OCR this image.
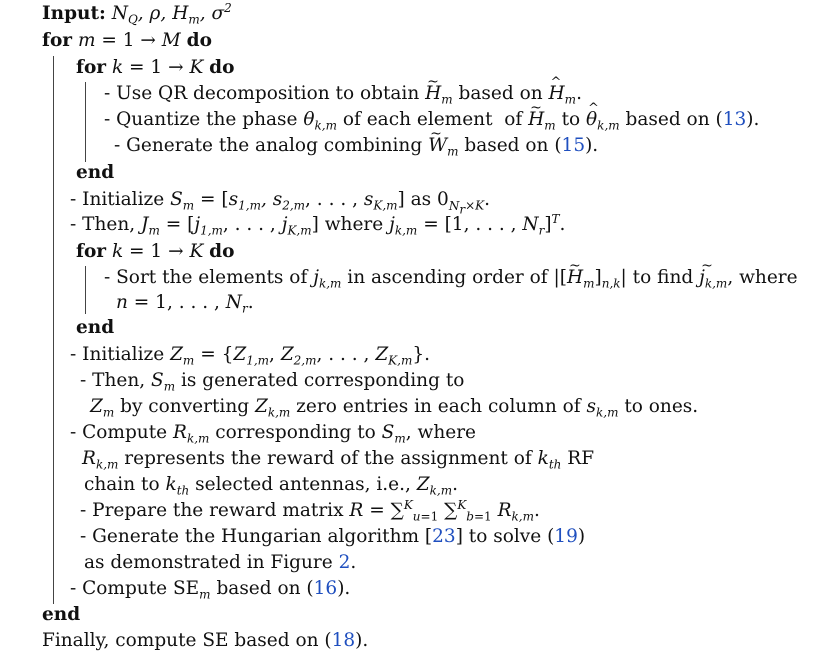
Input: $N_Q$, ρ, H $\^{}_m$, $\sigma^2$
for m = 1 → M do
for k = 1 → K do
- Use QR decomposition to obtain H $\sim_m$ based on H $\^{}_m$.
- Quantize the phase $\theta_{k,m}$ of each element  of H $\sim_m$ to θ $\^{}_{k,m}$ based on (13).
- Generate the analog combining W $\sim_m$ based on (15).
end
- Initialize $S_m = [s_{1,m}$, $s_{2,m}$, . . . , $s_{K,m}$] as $0_{N_r\times K}$.
- Then, $J_m = [j_{1,m}$, . . . , $j_{K,m}$] where $j_{k,m} = [1$, . . . , $N_r]^T$.
for k = 1 → K do
- Sort the elements of $j_{k,m}$ in ascending order of |[H $\sim_m]_{n,k}|$ to find j $\sim_{k,m}$, where
n = 1, . . . , $N_r$.
end
- Initialize $Z_m = \{Z_{1,m}$, $Z_{2,m}$, . . . , $Z_{K,m}$}.
- Then, $S_m$ is generated corresponding to
$Z_m$ by converting $Z_{k,m}$ zero entries in each column of $s_{k,m}$ to ones.
- Compute $R_{k,m}$ corresponding to $S_m$, where
$R_{k,m}$ represents the reward of the assignment of $k_{th}$ RF
chain to $k_{th}$ selected antennas, i.e., $Z_{k,m}$.
- Prepare the reward matrix R = ∑$^K_{u=1}$ ∑$^K_{b=1}$ $R_{k,m}$.
- Generate the Hungarian algorithm [23] to solve (19)
as demonstrated in Figure 2.
- Compute $SE_m$ based on (16).
end
Finally, compute SE based on (18).
